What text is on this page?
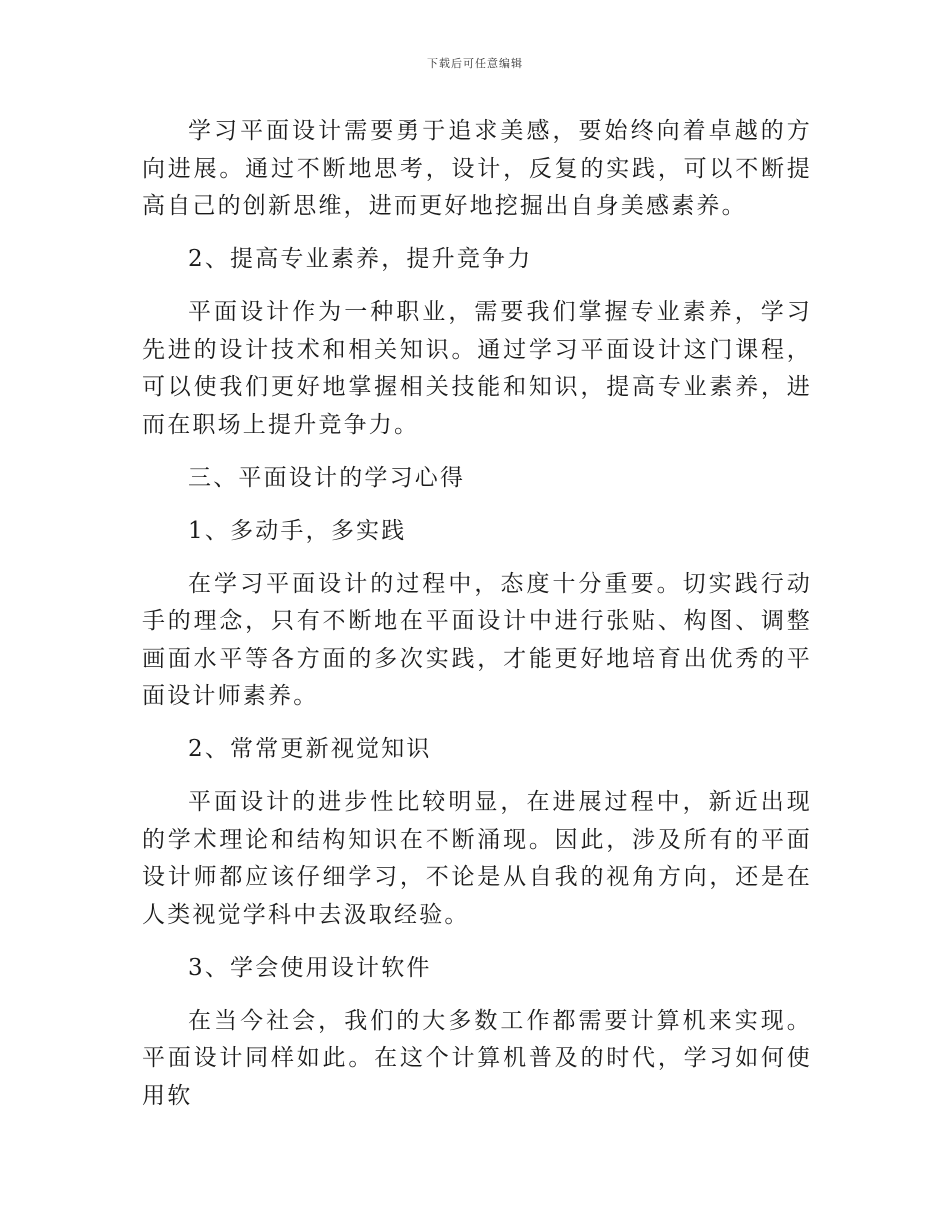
下载后可任意编辑

学习平面设计需要勇于追求美感，要始终向着卓越的方向进展。通过不断地思考，设计，反复的实践，可以不断提高自己的创新思维，进而更好地挖掘出自身美感素养。

2、提高专业素养，提升竞争力

平面设计作为一种职业，需要我们掌握专业素养，学习先进的设计技术和相关知识。通过学习平面设计这门课程，可以使我们更好地掌握相关技能和知识，提高专业素养，进而在职场上提升竞争力。

三、平面设计的学习心得

1、多动手，多实践

在学习平面设计的过程中，态度十分重要。切实践行动手的理念，只有不断地在平面设计中进行张贴、构图、调整画面水平等各方面的多次实践，才能更好地培育出优秀的平面设计师素养。

2、常常更新视觉知识

平面设计的进步性比较明显，在进展过程中，新近出现的学术理论和结构知识在不断涌现。因此，涉及所有的平面设计师都应该仔细学习，不论是从自我的视角方向，还是在人类视觉学科中去汲取经验。

3、学会使用设计软件

在当今社会，我们的大多数工作都需要计算机来实现。平面设计同样如此。在这个计算机普及的时代，学习如何使用软
